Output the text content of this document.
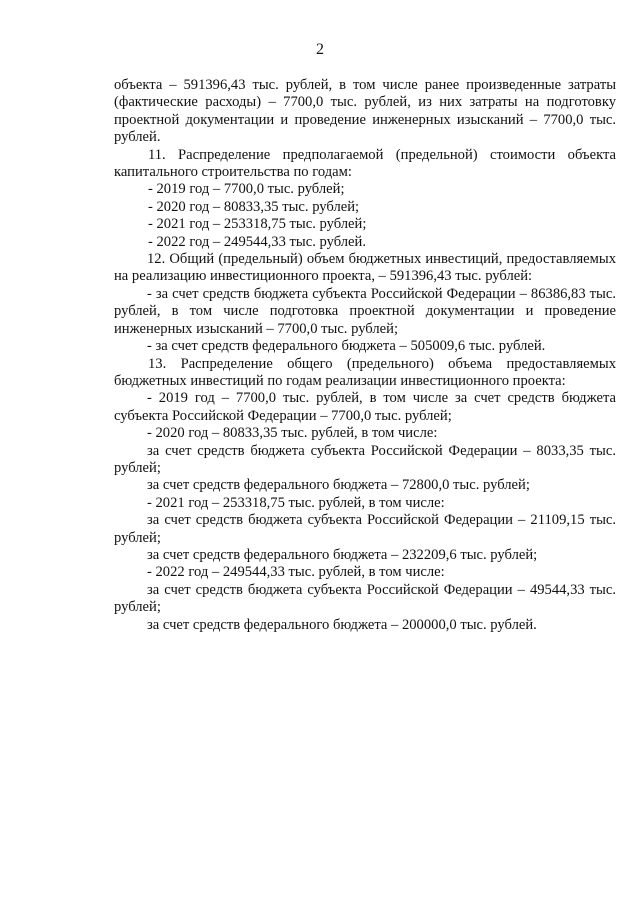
2

объекта – 591396,43 тыс. рублей, в том числе ранее произведенные затраты (фактические расходы) – 7700,0 тыс. рублей, из них затраты на подготовку проектной документации и проведение инженерных изысканий – 7700,0 тыс. рублей.

11. Распределение предполагаемой (предельной) стоимости объекта капитального строительства по годам:

- 2019 год – 7700,0 тыс. рублей;

- 2020 год – 80833,35 тыс. рублей;

- 2021 год – 253318,75 тыс. рублей;

- 2022 год – 249544,33 тыс. рублей.

12. Общий (предельный) объем бюджетных инвестиций, предоставляемых на реализацию инвестиционного проекта, – 591396,43 тыс. рублей:

- за счет средств бюджета субъекта Российской Федерации – 86386,83 тыс. рублей, в том числе подготовка проектной документации и проведение инженерных изысканий – 7700,0 тыс. рублей;

- за счет средств федерального бюджета – 505009,6 тыс. рублей.

13. Распределение общего (предельного) объема предоставляемых бюджетных инвестиций по годам реализации инвестиционного проекта:

- 2019 год – 7700,0 тыс. рублей, в том числе за счет средств бюджета субъекта Российской Федерации – 7700,0 тыс. рублей;

- 2020 год – 80833,35 тыс. рублей, в том числе:

за счет средств бюджета субъекта Российской Федерации – 8033,35 тыс. рублей;

за счет средств федерального бюджета – 72800,0 тыс. рублей;

- 2021 год – 253318,75 тыс. рублей, в том числе:

за счет средств бюджета субъекта Российской Федерации – 21109,15 тыс. рублей;

за счет средств федерального бюджета – 232209,6 тыс. рублей;

- 2022 год – 249544,33 тыс. рублей, в том числе:

за счет средств бюджета субъекта Российской Федерации – 49544,33 тыс. рублей;

за счет средств федерального бюджета – 200000,0 тыс. рублей.
